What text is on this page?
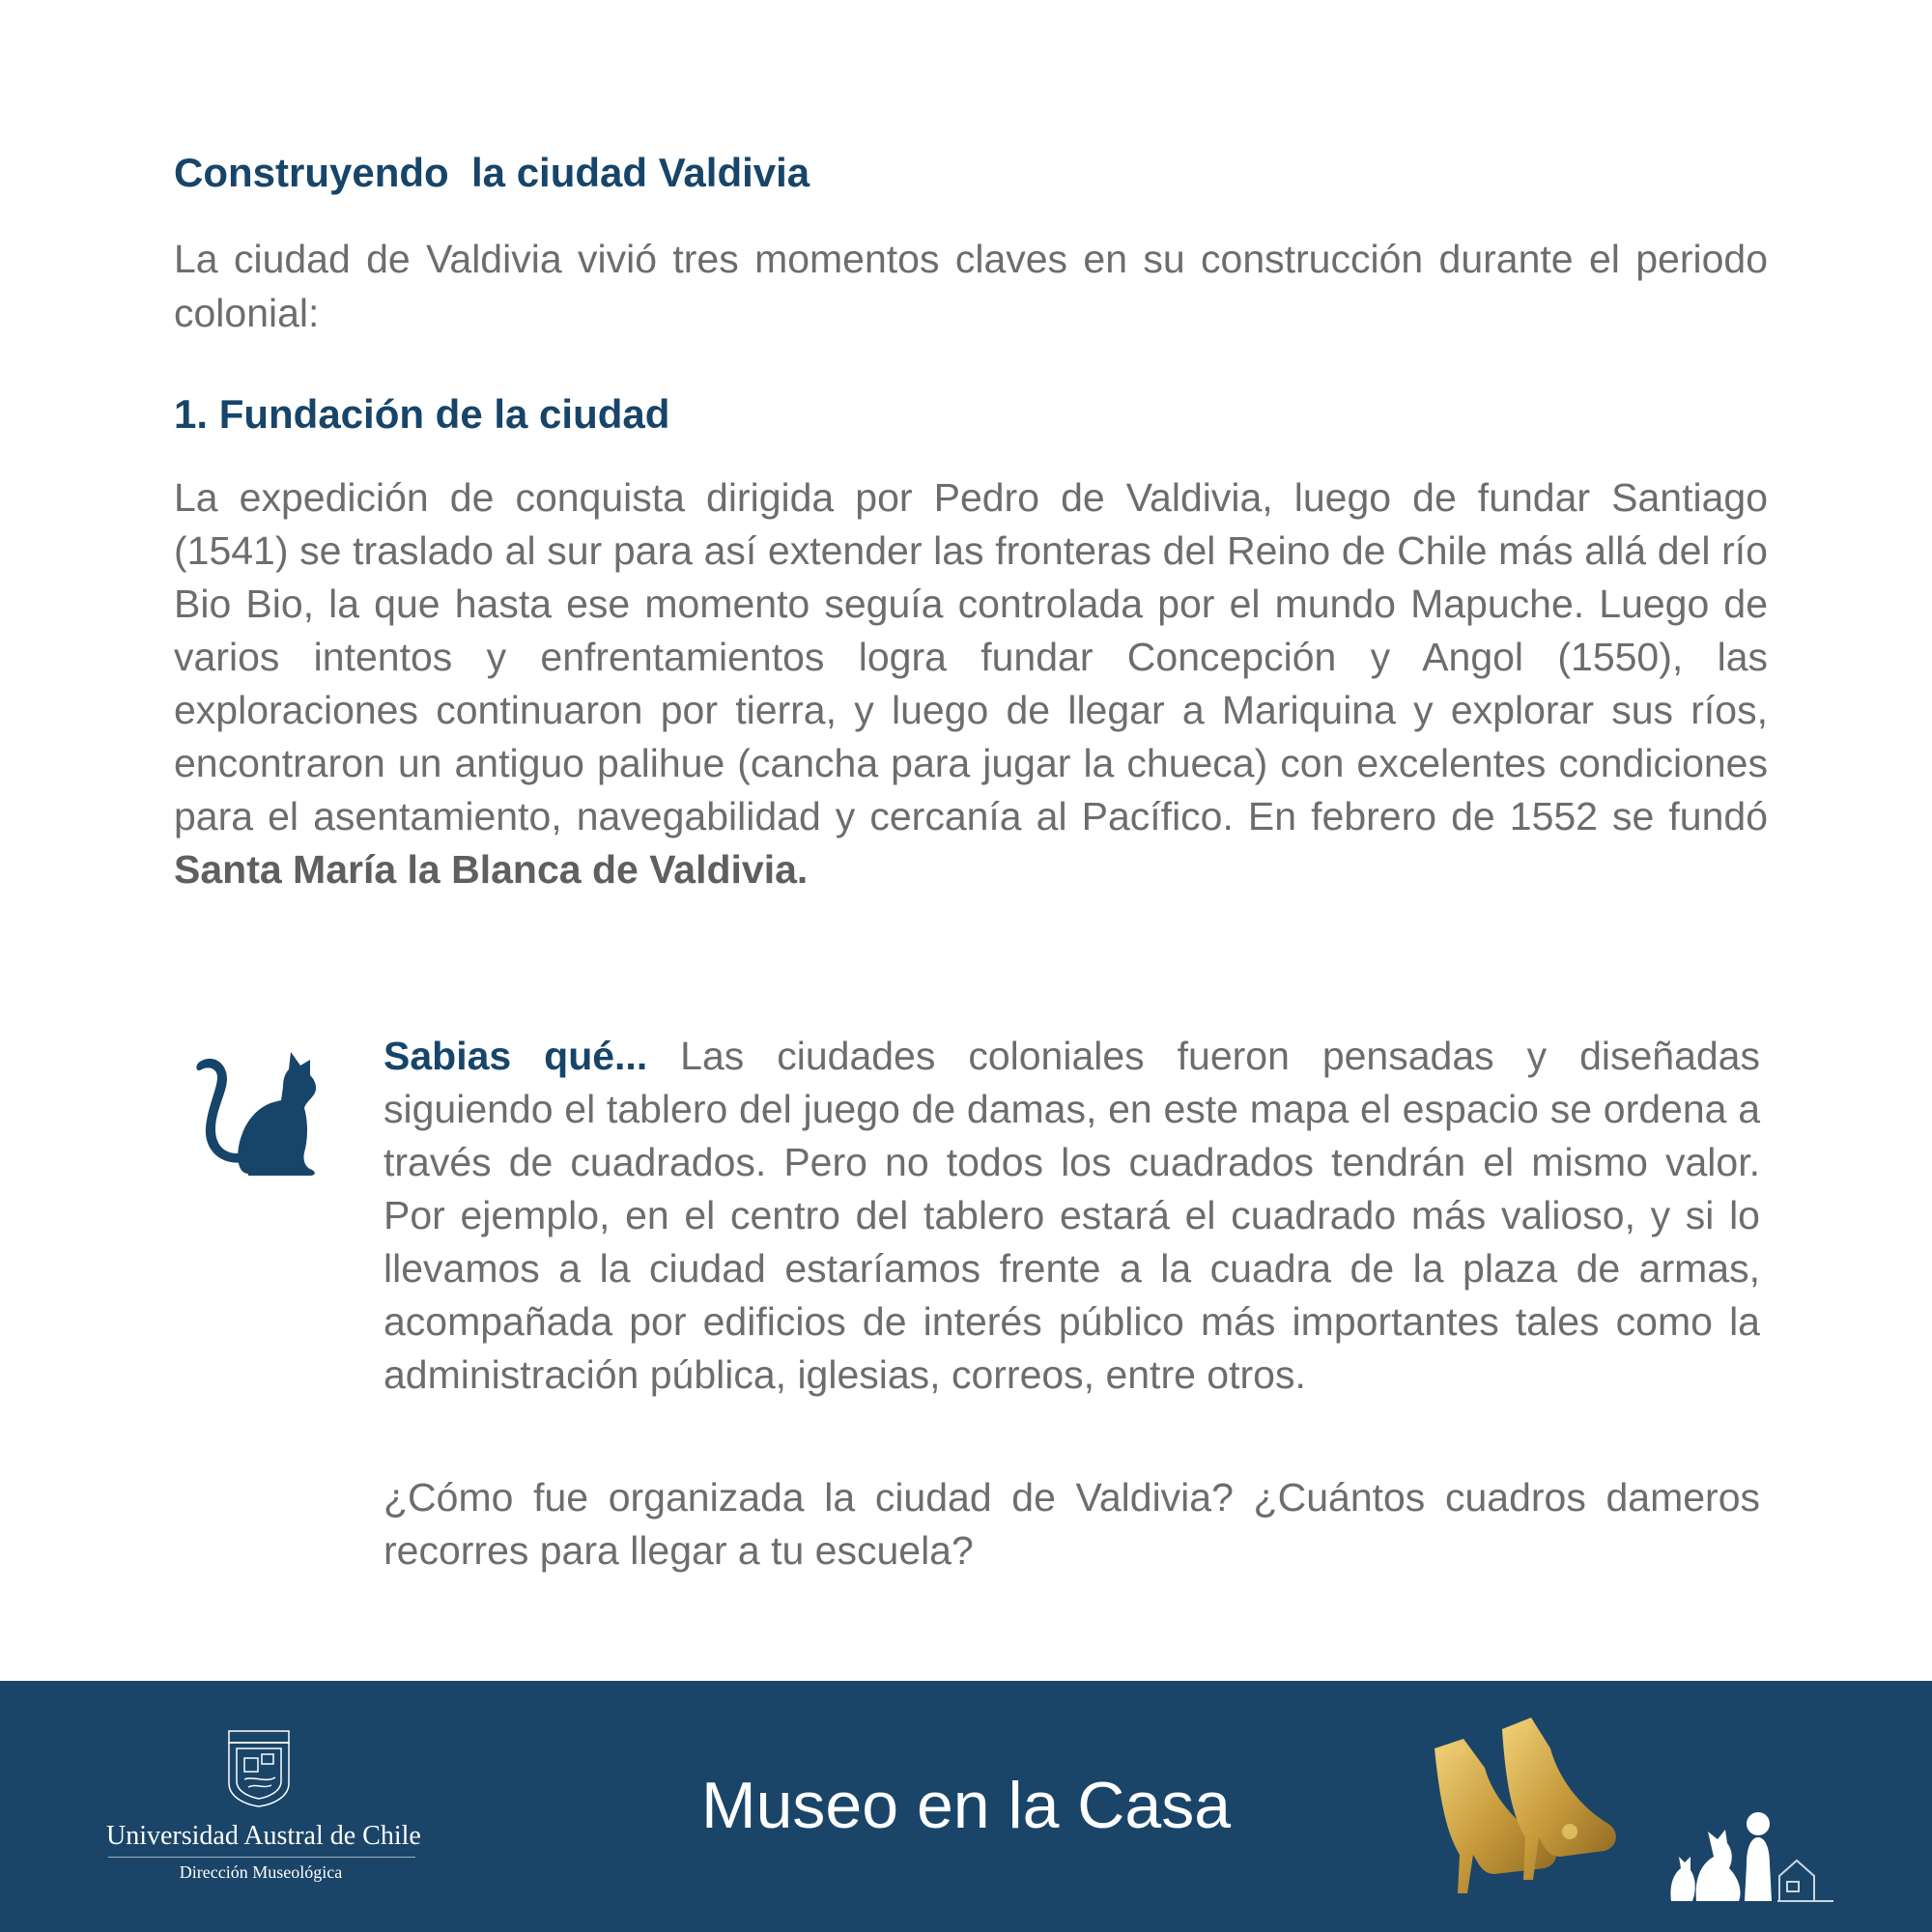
Construyendo  la ciudad Valdivia

La ciudad de Valdivia vivió tres momentos claves en su construcción durante el periodo colonial:

1. Fundación de la ciudad

La expedición de conquista dirigida por Pedro de Valdivia, luego de fundar Santiago (1541) se traslado al sur para así extender las fronteras del Reino de Chile más allá del río Bio Bio, la que hasta ese momento seguía controlada por el mundo Mapuche. Luego de varios intentos y enfrentamientos logra fundar Concepción y Angol (1550), las exploraciones continuaron por tierra, y luego de llegar a Mariquina y explorar sus ríos, encontraron un antiguo palihue (cancha para jugar la chueca) con excelentes condiciones para el asentamiento, navegabilidad y cercanía al Pacífico. En febrero de 1552 se fundó Santa María la Blanca de Valdivia.

Sabias qué... Las ciudades coloniales fueron pensadas y diseñadas siguiendo el tablero del juego de damas, en este mapa el espacio se ordena a través de cuadrados. Pero no todos los cuadrados tendrán el mismo valor. Por ejemplo, en el centro del tablero estará el cuadrado más valioso, y si lo llevamos a la ciudad estaríamos frente a la cuadra de la plaza de armas, acompañada por edificios de interés público más importantes tales como la administración pública, iglesias, correos, entre otros.

¿Cómo fue organizada la ciudad de Valdivia? ¿Cuántos cuadros dameros recorres para llegar a tu escuela?

Universidad Austral de Chile
Dirección Museológica
Museo en la Casa
